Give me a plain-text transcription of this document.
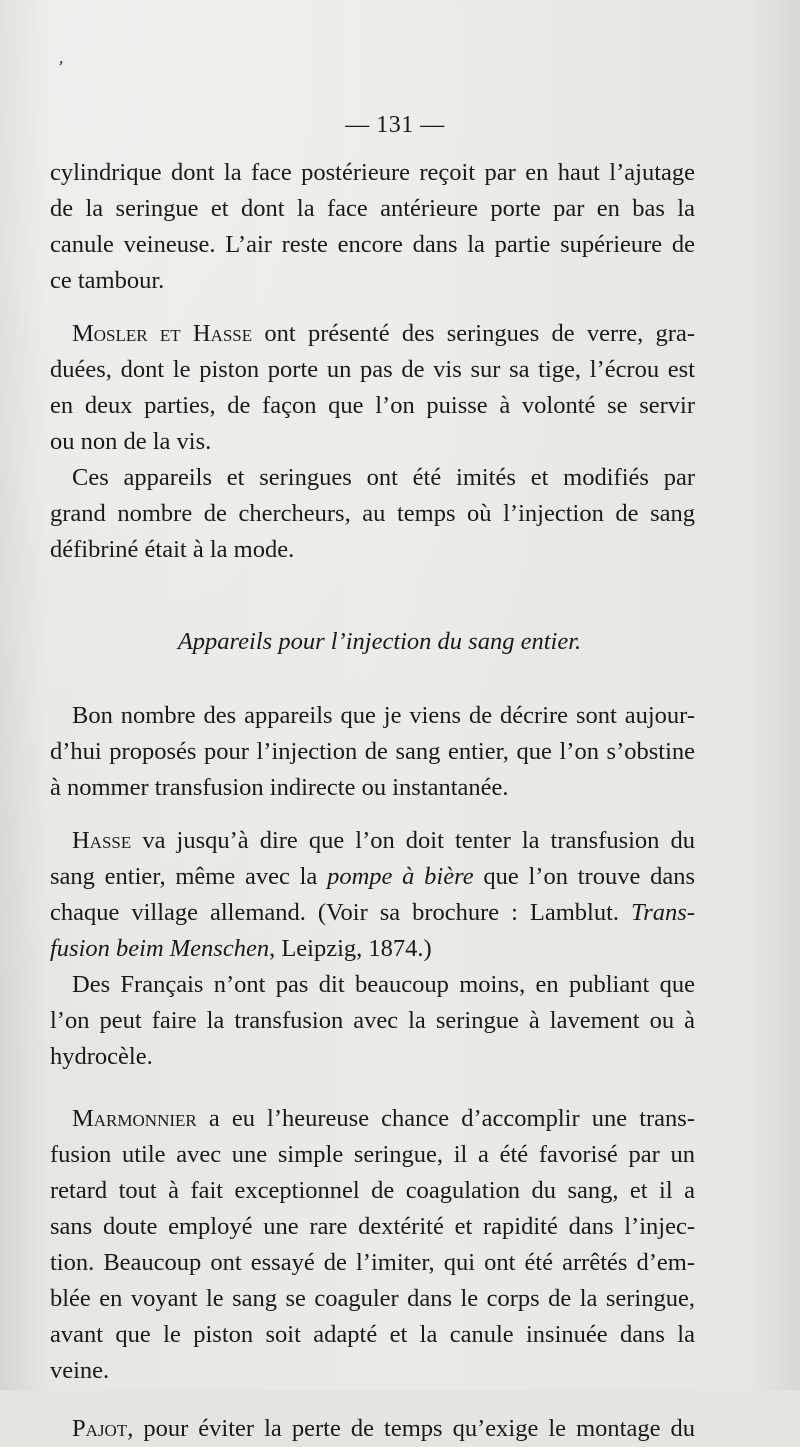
’
— 131 —
cylindrique dont la face postérieure reçoit par en haut l’ajutage
de la seringue et dont la face antérieure porte par en bas la
canule veineuse. L’air reste encore dans la partie supérieure de
ce tambour.
Mosler et Hasse ont présenté des seringues de verre, gra-
duées, dont le piston porte un pas de vis sur sa tige, l’écrou est
en deux parties, de façon que l’on puisse à volonté se servir
ou non de la vis.
Ces appareils et seringues ont été imités et modifiés par
grand nombre de chercheurs, au temps où l’injection de sang
défibriné était à la mode.
Appareils pour l’injection du sang entier.
Bon nombre des appareils que je viens de décrire sont aujour-
d’hui proposés pour l’injection de sang entier, que l’on s’obstine
à nommer transfusion indirecte ou instantanée.
Hasse va jusqu’à dire que l’on doit tenter la transfusion du
sang entier, même avec la pompe à bière que l’on trouve dans
chaque village allemand. (Voir sa brochure : Lamblut. Trans-
fusion beim Menschen, Leipzig, 1874.)
Des Français n’ont pas dit beaucoup moins, en publiant que
l’on peut faire la transfusion avec la seringue à lavement ou à
hydrocèle.
Marmonnier a eu l’heureuse chance d’accomplir une trans-
fusion utile avec une simple seringue, il a été favorisé par un
retard tout à fait exceptionnel de coagulation du sang, et il a
sans doute employé une rare dextérité et rapidité dans l’injec-
tion. Beaucoup ont essayé de l’imiter, qui ont été arrêtés d’em-
blée en voyant le sang se coaguler dans le corps de la seringue,
avant que le piston soit adapté et la canule insinuée dans la
veine.
Pajot, pour éviter la perte de temps qu’exige le montage du
